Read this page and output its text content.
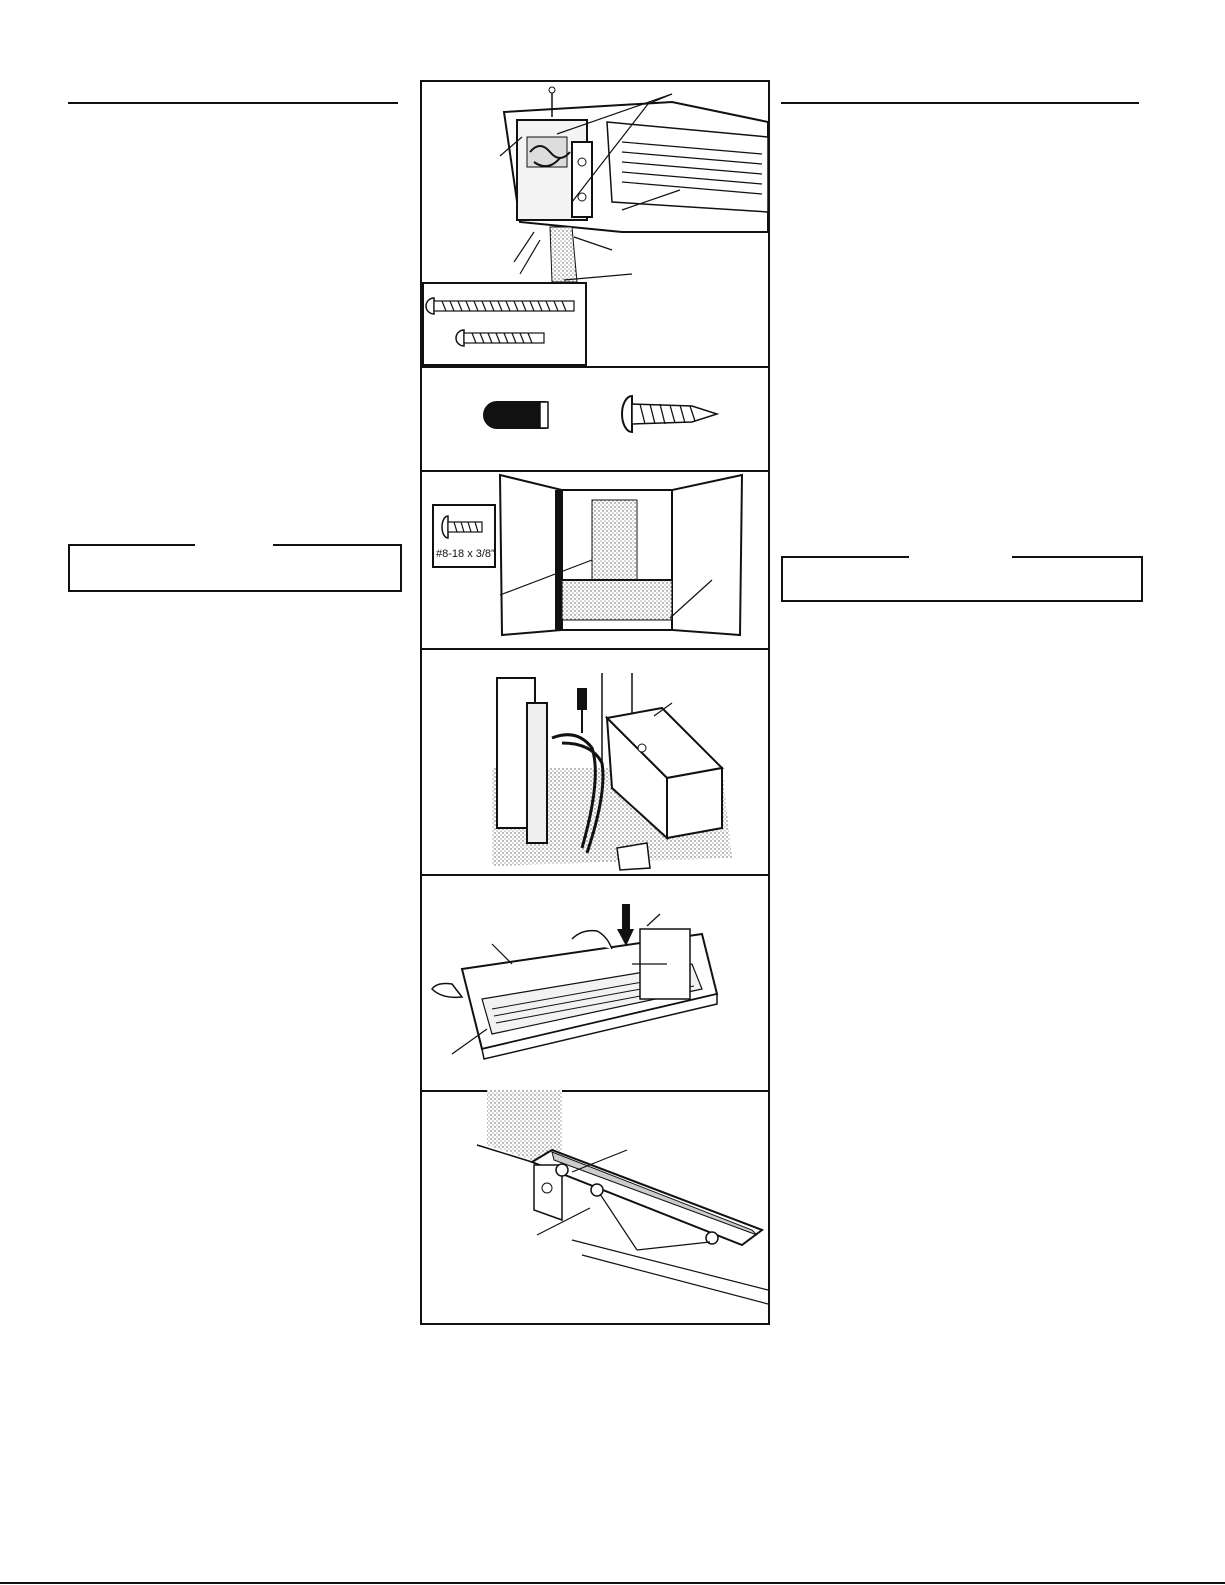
#8-18 x 3/8”
